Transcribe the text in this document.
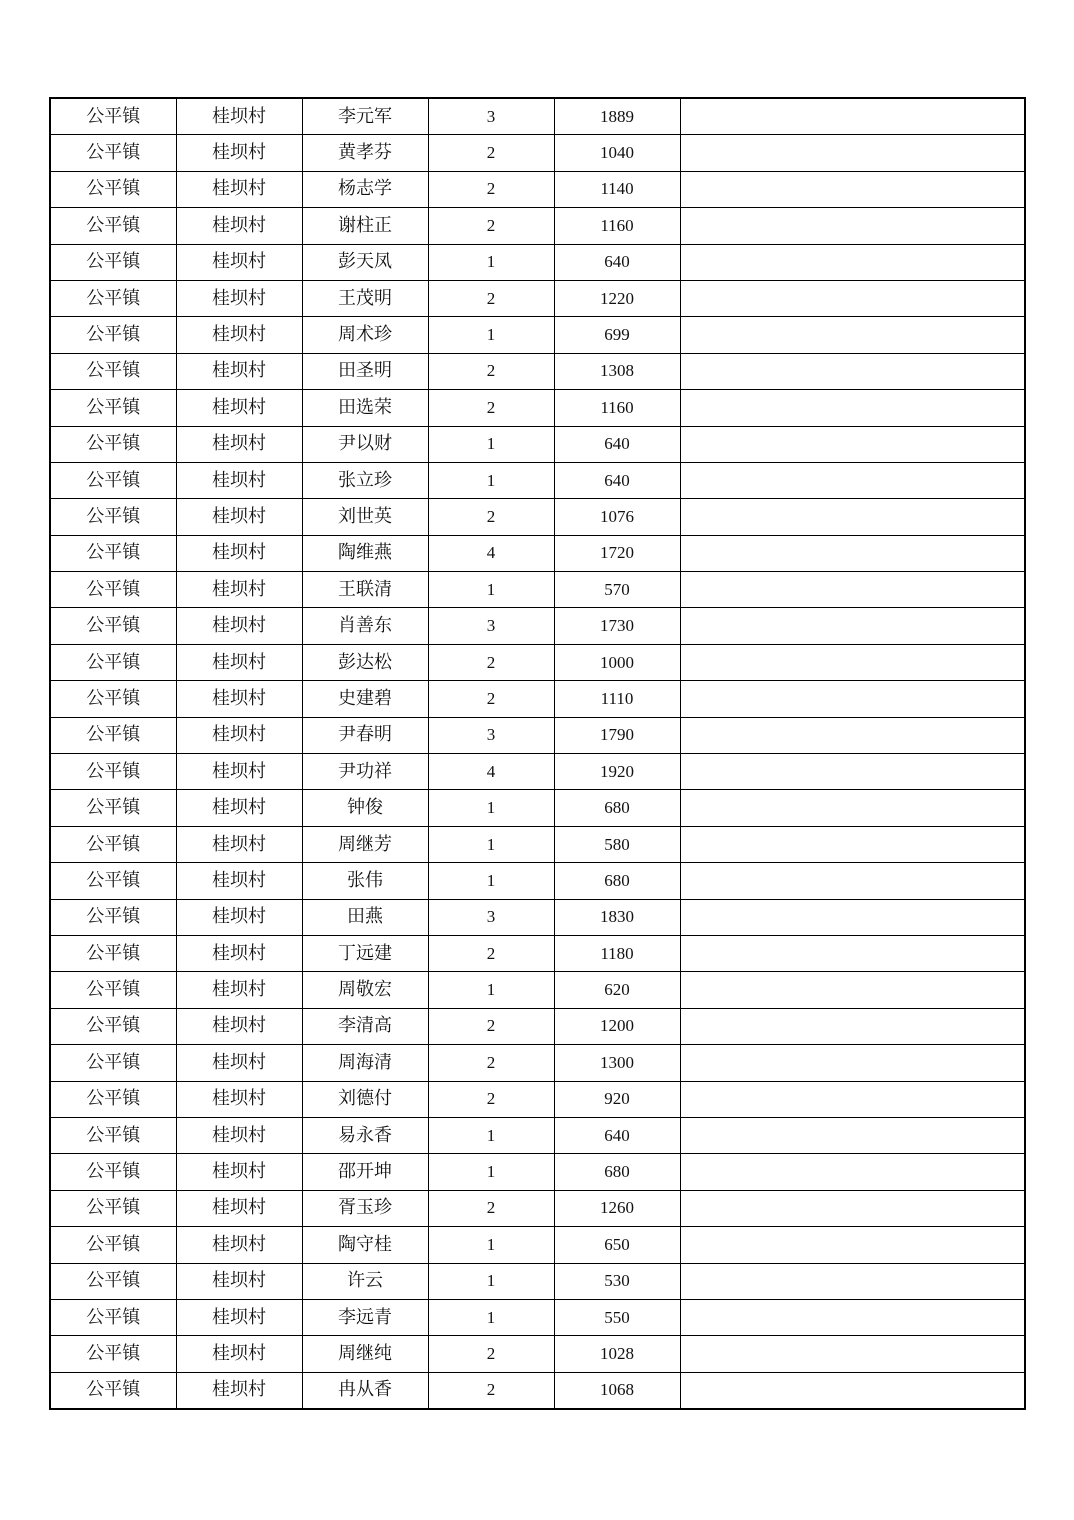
公平镇	桂坝村	李元军	3	1889	
公平镇	桂坝村	黄孝芬	2	1040	
公平镇	桂坝村	杨志学	2	1140	
公平镇	桂坝村	谢柱正	2	1160	
公平镇	桂坝村	彭天凤	1	640	
公平镇	桂坝村	王茂明	2	1220	
公平镇	桂坝村	周术珍	1	699	
公平镇	桂坝村	田圣明	2	1308	
公平镇	桂坝村	田选荣	2	1160	
公平镇	桂坝村	尹以财	1	640	
公平镇	桂坝村	张立珍	1	640	
公平镇	桂坝村	刘世英	2	1076	
公平镇	桂坝村	陶维燕	4	1720	
公平镇	桂坝村	王联清	1	570	
公平镇	桂坝村	肖善东	3	1730	
公平镇	桂坝村	彭达松	2	1000	
公平镇	桂坝村	史建碧	2	1110	
公平镇	桂坝村	尹春明	3	1790	
公平镇	桂坝村	尹功祥	4	1920	
公平镇	桂坝村	钟俊	1	680	
公平镇	桂坝村	周继芳	1	580	
公平镇	桂坝村	张伟	1	680	
公平镇	桂坝村	田燕	3	1830	
公平镇	桂坝村	丁远建	2	1180	
公平镇	桂坝村	周敬宏	1	620	
公平镇	桂坝村	李清高	2	1200	
公平镇	桂坝村	周海清	2	1300	
公平镇	桂坝村	刘德付	2	920	
公平镇	桂坝村	易永香	1	640	
公平镇	桂坝村	邵开坤	1	680	
公平镇	桂坝村	胥玉珍	2	1260	
公平镇	桂坝村	陶守桂	1	650	
公平镇	桂坝村	许云	1	530	
公平镇	桂坝村	李远青	1	550	
公平镇	桂坝村	周继纯	2	1028	
公平镇	桂坝村	冉从香	2	1068	
